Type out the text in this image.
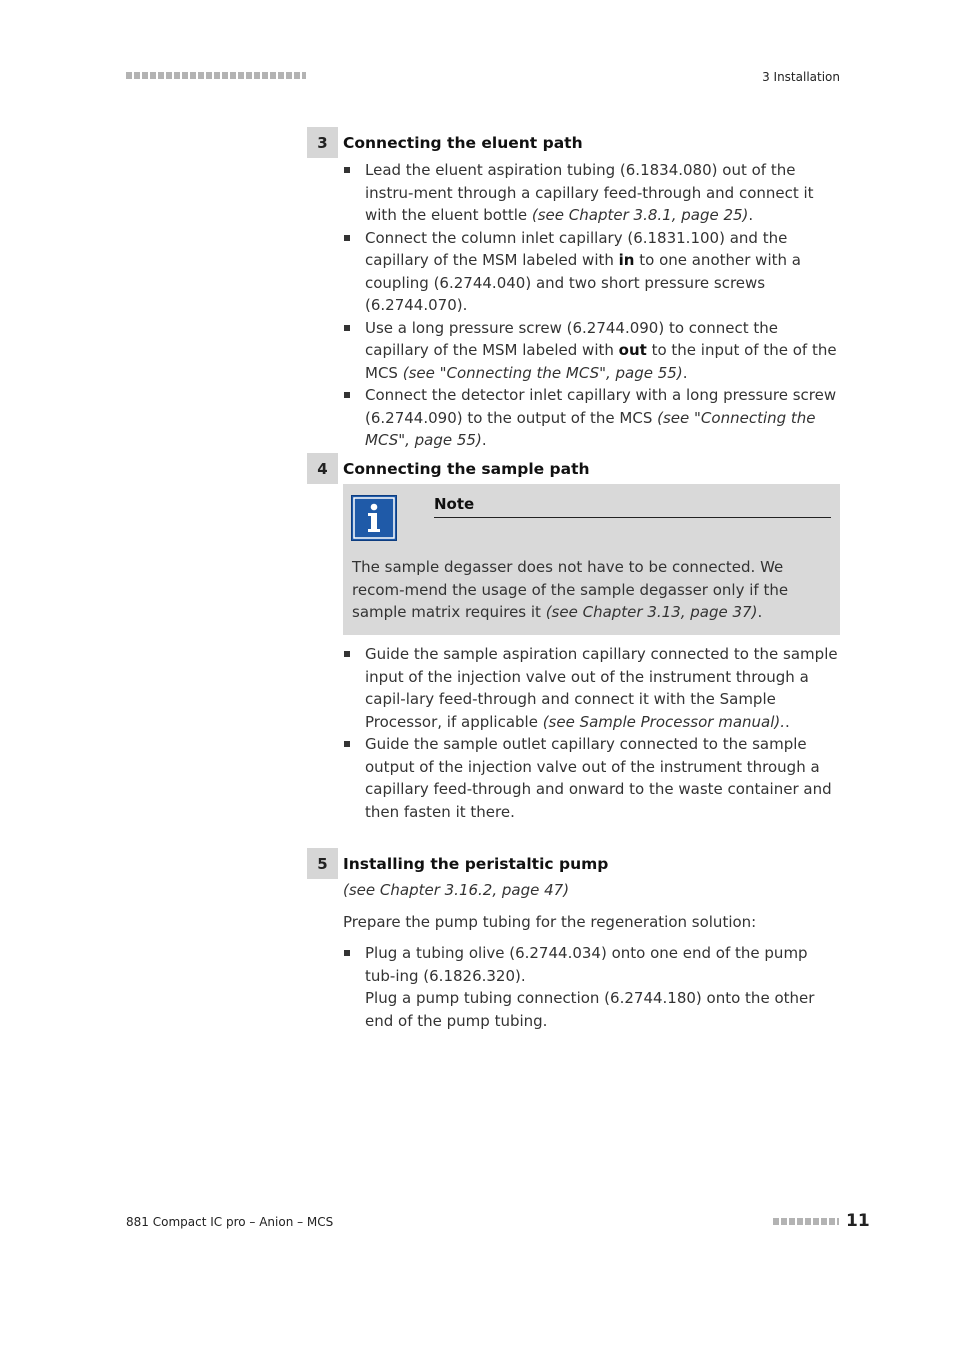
3 Installation
3 Connecting the eluent path
Lead the eluent aspiration tubing (6.1834.080) out of the instru-ment through a capillary feed-through and connect it with the eluent bottle (see Chapter 3.8.1, page 25).
Connect the column inlet capillary (6.1831.100) and the capillary of the MSM labeled with in to one another with a coupling (6.2744.040) and two short pressure screws (6.2744.070).
Use a long pressure screw (6.2744.090) to connect the capillary of the MSM labeled with out to the input of the of the MCS (see "Connecting the MCS", page 55).
Connect the detector inlet capillary with a long pressure screw (6.2744.090) to the output of the MCS (see "Connecting the MCS", page 55).
4 Connecting the sample path
Note
The sample degasser does not have to be connected. We recom-mend the usage of the sample degasser only if the sample matrix requires it (see Chapter 3.13, page 37).
Guide the sample aspiration capillary connected to the sample input of the injection valve out of the instrument through a capil-lary feed-through and connect it with the Sample Processor, if applicable (see Sample Processor manual)..
Guide the sample outlet capillary connected to the sample output of the injection valve out of the instrument through a capillary feed-through and onward to the waste container and then fasten it there.
5 Installing the peristaltic pump

(see Chapter 3.16.2, page 47)

Prepare the pump tubing for the regeneration solution:

Plug a tubing olive (6.2744.034) onto one end of the pump tub-ing (6.1826.320).
Plug a pump tubing connection (6.2744.180) onto the other end of the pump tubing.
881 Compact IC pro – Anion – MCS	11
